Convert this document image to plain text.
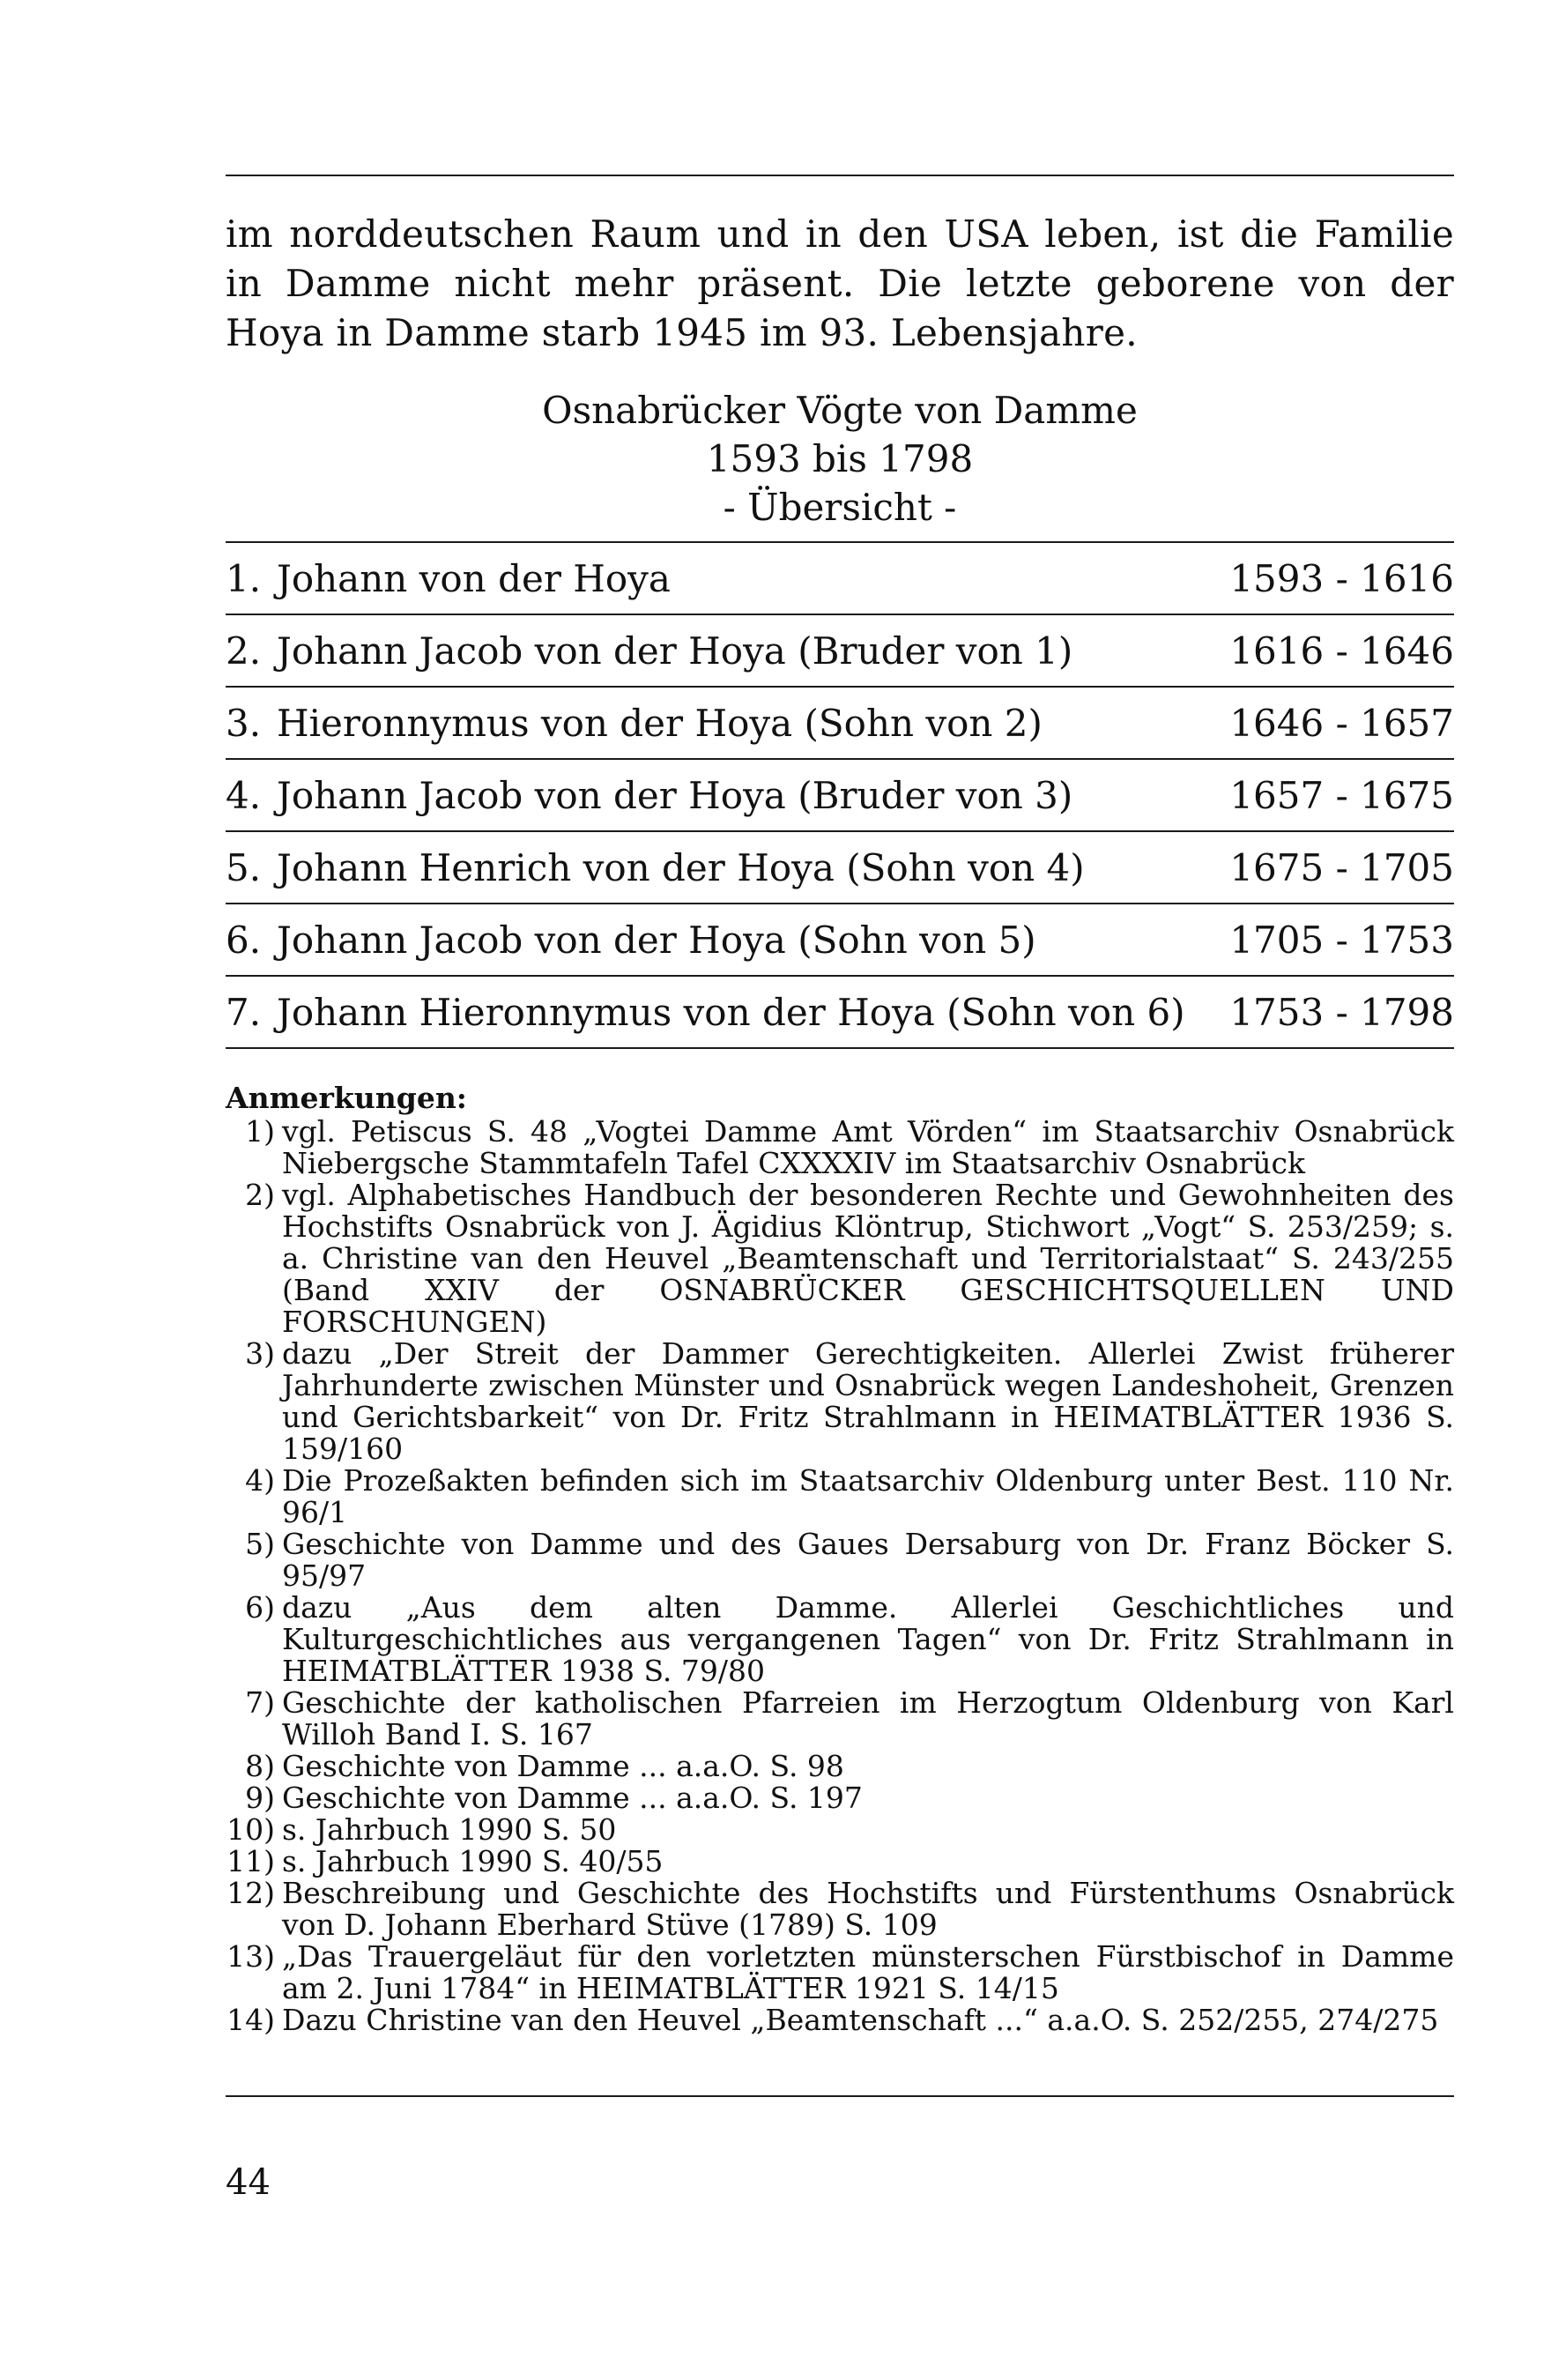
im norddeutschen Raum und in den USA leben, ist die Familie in Damme nicht mehr präsent. Die letzte geborene von der Hoya in Damme starb 1945 im 93. Lebensjahre.

Osnabrücker Vögte von Damme
1593 bis 1798
- Übersicht -
1.	Johann von der Hoya	1593 - 1616
2.	Johann Jacob von der Hoya (Bruder von 1)	1616 - 1646
3.	Hieronnymus von der Hoya (Sohn von 2)	1646 - 1657
4.	Johann Jacob von der Hoya (Bruder von 3)	1657 - 1675
5.	Johann Henrich von der Hoya (Sohn von 4)	1675 - 1705
6.	Johann Jacob von der Hoya (Sohn von 5)	1705 - 1753
7.	Johann Hieronnymus von der Hoya (Sohn von 6)	1753 - 1798
Anmerkungen:
1) vgl. Petiscus S. 48 „Vogtei Damme Amt Vörden“ im Staatsarchiv Osnabrück Niebergsche Stammtafeln Tafel CXXXXIV im Staatsarchiv Osnabrück
2) vgl. Alphabetisches Handbuch der besonderen Rechte und Gewohnheiten des Hochstifts Osnabrück von J. Ägidius Klöntrup, Stichwort „Vogt“ S. 253/259; s. a. Christine van den Heuvel „Beamtenschaft und Territorialstaat“ S. 243/255 (Band XXIV der OSNABRÜCKER GESCHICHTSQUELLEN UND FORSCHUNGEN)
3) dazu „Der Streit der Dammer Gerechtigkeiten. Allerlei Zwist früherer Jahrhunderte zwischen Münster und Osnabrück wegen Landeshoheit, Grenzen und Gerichtsbarkeit“ von Dr. Fritz Strahlmann in HEIMATBLÄTTER 1936 S. 159/160
4) Die Prozeßakten befinden sich im Staatsarchiv Oldenburg unter Best. 110 Nr. 96/1
5) Geschichte von Damme und des Gaues Dersaburg von Dr. Franz Böcker S. 95/97
6) dazu „Aus dem alten Damme. Allerlei Geschichtliches und Kulturgeschichtliches aus vergangenen Tagen“ von Dr. Fritz Strahlmann in HEIMATBLÄTTER 1938 S. 79/80
7) Geschichte der katholischen Pfarreien im Herzogtum Oldenburg von Karl Willoh Band I. S. 167
8) Geschichte von Damme ... a.a.O. S. 98
9) Geschichte von Damme ... a.a.O. S. 197
10) s. Jahrbuch 1990 S. 50
11) s. Jahrbuch 1990 S. 40/55
12) Beschreibung und Geschichte des Hochstifts und Fürstenthums Osnabrück von D. Johann Eberhard Stüve (1789) S. 109
13) „Das Trauergeläut für den vorletzten münsterschen Fürstbischof in Damme am 2. Juni 1784“ in HEIMATBLÄTTER 1921 S. 14/15
14) Dazu Christine van den Heuvel „Beamtenschaft ...“ a.a.O. S. 252/255, 274/275
44
